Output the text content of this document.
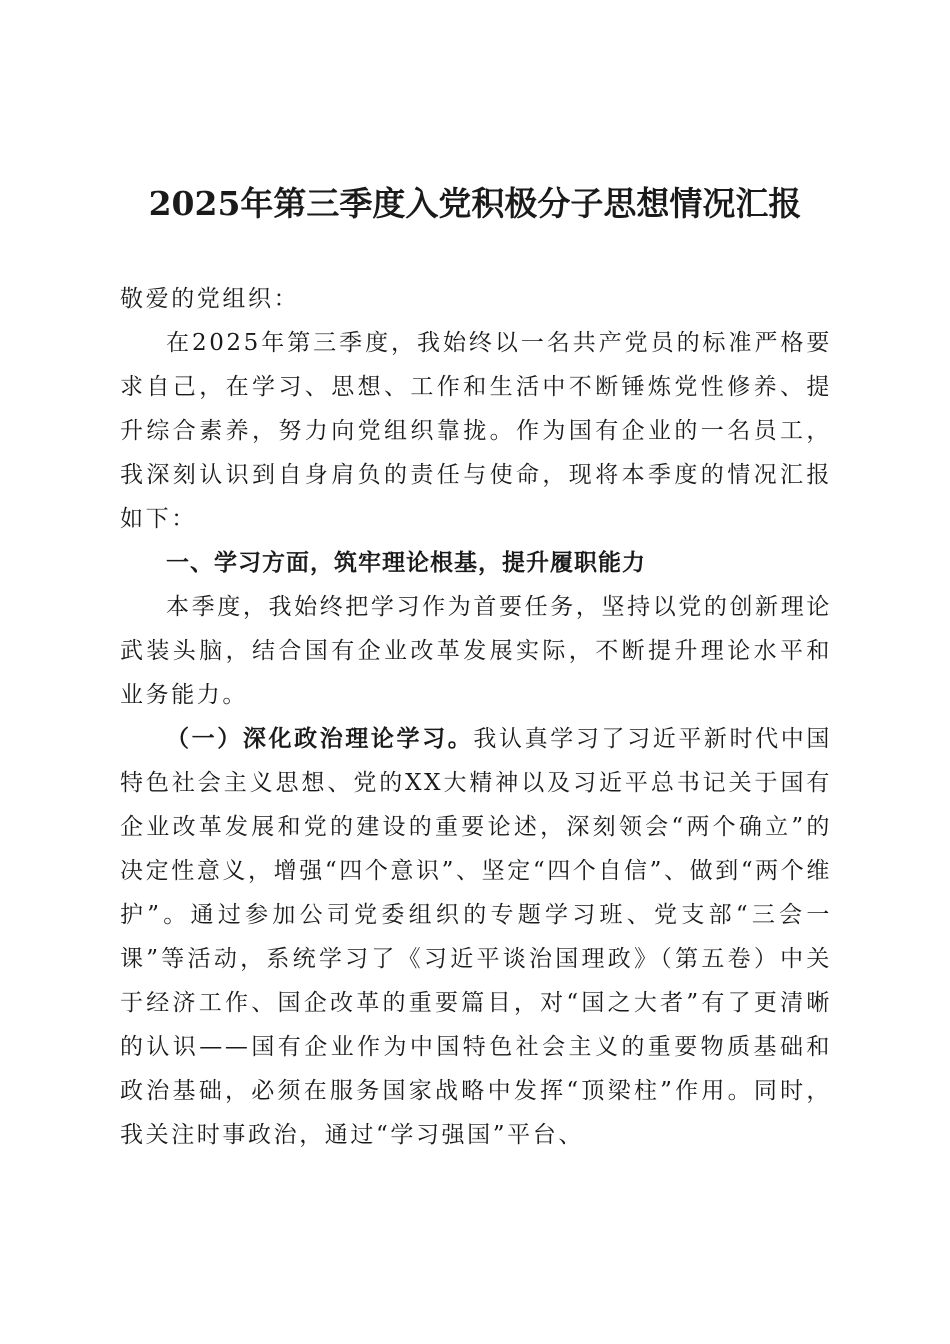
2025年第三季度入党积极分子思想情况汇报

敬爱的党组织：

在2025年第三季度，我始终以一名共产党员的标准严格要求自己，在学习、思想、工作和生活中不断锤炼党性修养、提升综合素养，努力向党组织靠拢。作为国有企业的一名员工，我深刻认识到自身肩负的责任与使命，现将本季度的情况汇报如下：

一、学习方面，筑牢理论根基，提升履职能力

本季度，我始终把学习作为首要任务，坚持以党的创新理论武装头脑，结合国有企业改革发展实际，不断提升理论水平和业务能力。

（一）深化政治理论学习。我认真学习了习近平新时代中国特色社会主义思想、党的XX大精神以及习近平总书记关于国有企业改革发展和党的建设的重要论述，深刻领会“两个确立”的决定性意义，增强“四个意识”、坚定“四个自信”、做到“两个维护”。通过参加公司党委组织的专题学习班、党支部“三会一课”等活动，系统学习了《习近平谈治国理政》（第五卷）中关于经济工作、国企改革的重要篇目，对“国之大者”有了更清晰的认识——国有企业作为中国特色社会主义的重要物质基础和政治基础，必须在服务国家战略中发挥“顶梁柱”作用。同时，我关注时事政治，通过“学习强国”平台、
